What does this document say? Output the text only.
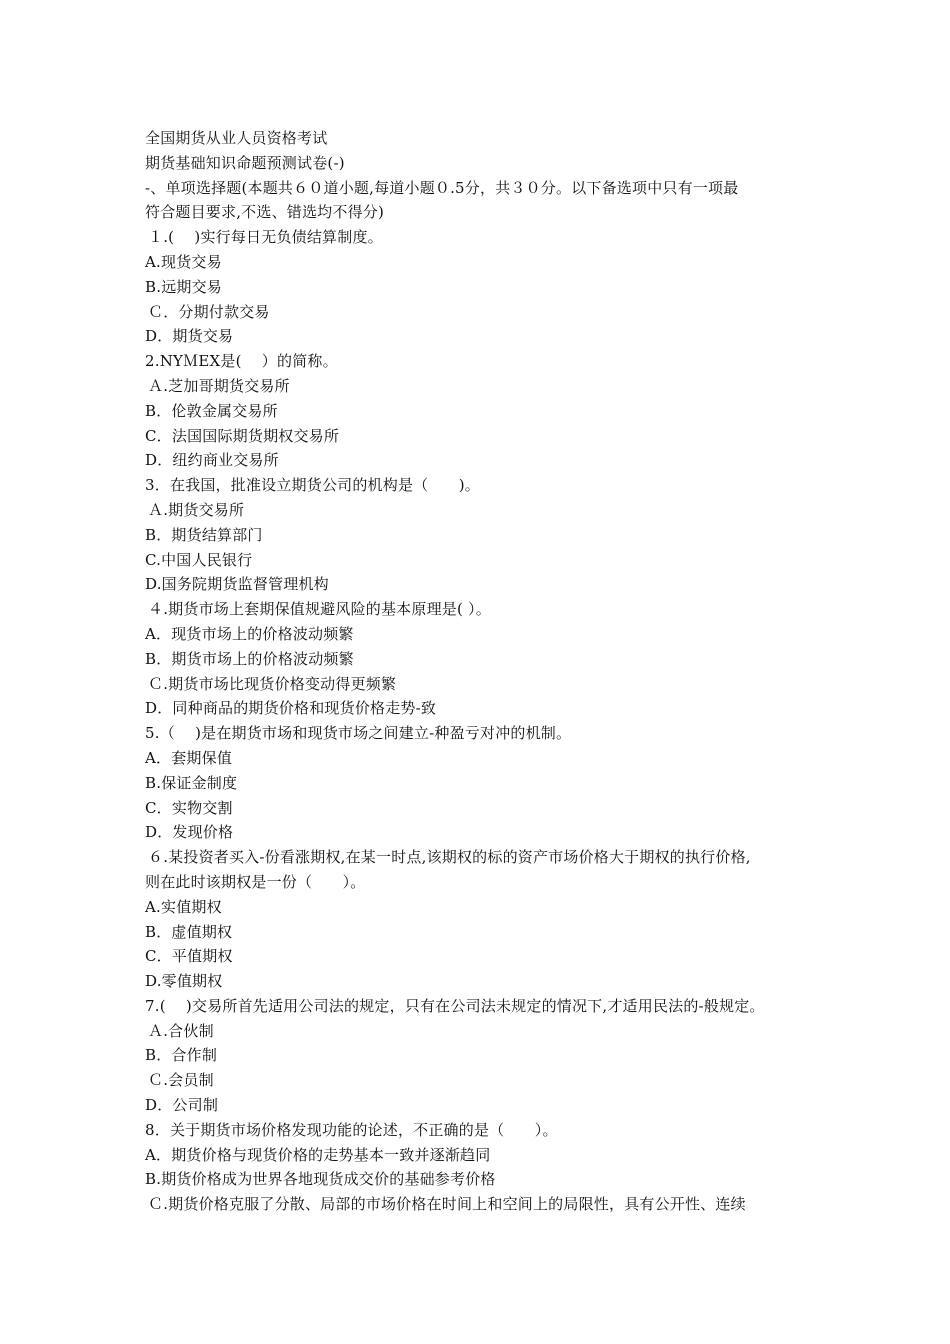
全国期货从业人员资格考试
期货基础知识命题预测试卷(-)
-、单项选择题(本题共６０道小题,每道小题０.5分，共３０分。以下备选项中只有一项最
符合题目要求,不选、错选均不得分)
１.(　 )实行每日无负债结算制度。
A.现货交易
B.远期交易
Ｃ．分期付款交易
D．期货交易
2.NYＭEX是(　 ）的简称。
Ａ.芝加哥期货交易所
B．伦敦金属交易所
C．法国国际期货期权交易所
D．纽约商业交易所
3．在我国，批准设立期货公司的机构是（　　)。
Ａ.期货交易所
B．期货结算部门
C.中国人民银行
D.国务院期货监督管理机构
４.期货市场上套期保值规避风险的基本原理是( ）。
A．现货市场上的价格波动频繁
B．期货市场上的价格波动频繁
Ｃ.期货市场比现货价格变动得更频繁
D．同种商品的期货价格和现货价格走势-致
5.（　 )是在期货市场和现货市场之间建立-种盈亏对冲的机制。
A．套期保值
B.保证金制度
C．实物交割
D．发现价格
６.某投资者买入-份看涨期权,在某一时点,该期权的标的资产市场价格大于期权的执行价格,
则在此时该期权是一份（　　）。
A.实值期权
B．虚值期权
C．平值期权
D.零值期权
7.(　 )交易所首先适用公司法的规定，只有在公司法未规定的情况下,才适用民法的-般规定。
Ａ.合伙制
B．合作制
Ｃ.会员制
D．公司制
8．关于期货市场价格发现功能的论述，不正确的是（　　）。
A．期货价格与现货价格的走势基本一致并逐渐趋同
B.期货价格成为世界各地现货成交价的基础参考价格
Ｃ.期货价格克服了分散、局部的市场价格在时间上和空间上的局限性，具有公开性、连续
